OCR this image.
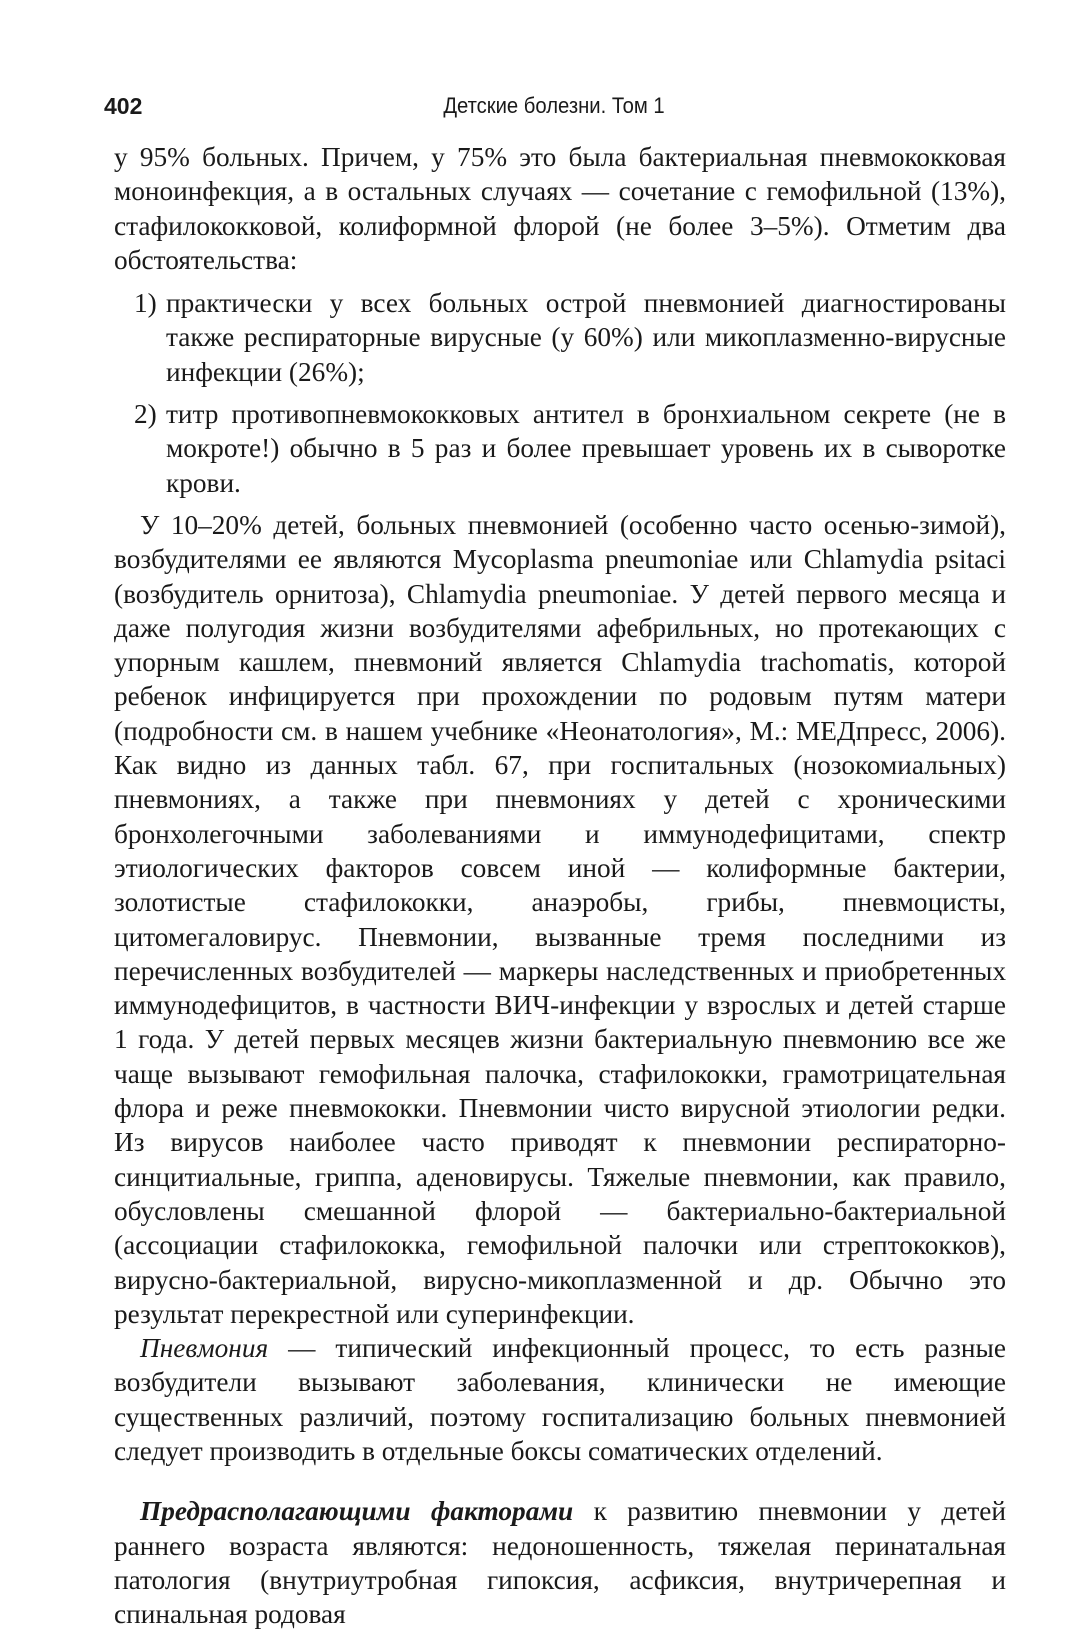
402	Детские болезни. Том 1

у 95% больных. Причем, у 75% это была бактериальная пневмококковая моноинфекция, а в остальных случаях — сочетание с гемофильной (13%), стафилококковой, колиформной флорой (не более 3–5%). Отметим два обстоятельства:

1) практически у всех больных острой пневмонией диагностированы также респираторные вирусные (у 60%) или микоплазменно-вирусные инфекции (26%);
2) титр противопневмококковых антител в бронхиальном секрете (не в мокроте!) обычно в 5 раз и более превышает уровень их в сыворотке крови.

У 10–20% детей, больных пневмонией (особенно часто осенью-зимой), возбудителями ее являются Mycoplasma pneumoniae или Chlamydia psitaci (возбудитель орнитоза), Chlamydia pneumoniae. У детей первого месяца и даже полугодия жизни возбудителями афебрильных, но протекающих с упорным кашлем, пневмоний является Chlamydia trachomatis, которой ребенок инфицируется при прохождении по родовым путям матери (подробности см. в нашем учебнике «Неонатология», М.: МЕДпресс, 2006). Как видно из данных табл. 67, при госпитальных (нозокомиальных) пневмониях, а также при пневмониях у детей с хроническими бронхолегочными заболеваниями и иммунодефицитами, спектр этиологических факторов совсем иной — колиформные бактерии, золотистые стафилококки, анаэробы, грибы, пневмоцисты, цитомегаловирус. Пневмонии, вызванные тремя последними из перечисленных возбудителей — маркеры наследственных и приобретенных иммунодефицитов, в частности ВИЧ-инфекции у взрослых и детей старше 1 года. У детей первых месяцев жизни бактериальную пневмонию все же чаще вызывают гемофильная палочка, стафилококки, грамотрицательная флора и реже пневмококки. Пневмонии чисто вирусной этиологии редки. Из вирусов наиболее часто приводят к пневмонии респираторно-синцитиальные, гриппа, аденовирусы. Тяжелые пневмонии, как правило, обусловлены смешанной флорой — бактериально-бактериальной (ассоциации стафилококка, гемофильной палочки или стрептококков), вирусно-бактериальной, вирусно-микоплазменной и др. Обычно это результат перекрестной или суперинфекции.

Пневмония — типический инфекционный процесс, то есть разные возбудители вызывают заболевания, клинически не имеющие существенных различий, поэтому госпитализацию больных пневмонией следует производить в отдельные боксы соматических отделений.

Предрасполагающими факторами к развитию пневмонии у детей раннего возраста являются: недоношенность, тяжелая перинатальная патология (внутриутробная гипоксия, асфиксия, внутричерепная и спинальная родовая
